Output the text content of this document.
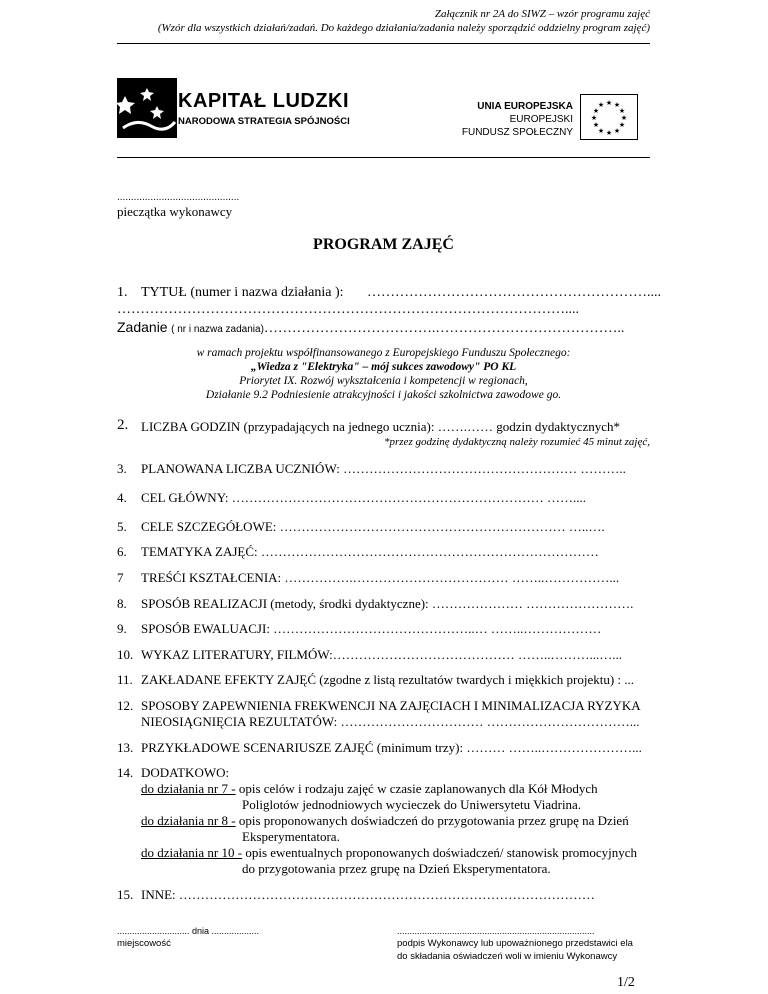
Załącznik nr 2A do SIWZ – wzór programu zajęć
(Wzór dla wszystkich działań/zadań. Do każdego działania/zadania należy sporządzić oddzielny program zajęć)
KAPITAŁ LUDZKI
NARODOWA STRATEGIA SPÓJNOŚCI
UNIA EUROPEJSKA
EUROPEJSKI
FUNDUSZ SPOŁECZNY
★ ★
★
★
★
★
★
★
★
★
★
★
............................................
pieczątka wykonawcy
PROGRAM ZAJĘĆ
1. TYTUŁ (numer i nazwa działania ): ……………………………………………………....
……………………………………………………………………………………....
Zadanie ( nr i nazwa zadania)……………………………….…………………………………..
w ramach projektu współfinansowanego z Europejskiego Funduszu Społecznego:
„Wiedza z "Elektryka" – mój sukces zawodowy" PO KL
Priorytet IX. Rozwój wykształcenia i kompetencji w regionach,
Działanie 9.2 Podniesienie atrakcyjności i jakości szkolnictwa zawodowe go.
2. LICZBA GODZIN (przypadających na jednego ucznia): …….…… godzin dydaktycznych*
*przez godzinę dydaktyczną należy rozumieć 45 minut zajęć,
3. PLANOWANA LICZBA UCZNIÓW: ……………………………………………… ………..
4. CEL GŁÓWNY: ……………………………………………………………… ……....
5. CELE SZCZEGÓŁOWE: ………………………………………………………… …..….
6. TEMATYKA ZAJĘĆ: ……………………………………………………………………
7 TREŚĆI KSZTAŁCENIA: …………….……………………………… ……..……………...
8. SPOSÓB REALIZACJI (metody, środki dydaktyczne): ………………… …………………….
9. SPOSÓB EWALUACJI: ………………………………………..… ……..………………
10. WYKAZ LITERATURY, FILMÓW:…………………………………… ……..………...…...
11. ZAKŁADANE EFEKTY ZAJĘĆ (zgodne z listą rezultatów twardych i miękkich projektu) : ...
12. SPOSOBY ZAPEWNIENIA FREKWENCJI NA ZAJĘCIACH I MINIMALIZACJA RYZYKA
NIEOSIĄGNIĘCIA REZULTATÓW: …………………………… ……………………………...
13. PRZYKŁADOWE SCENARIUSZE ZAJĘĆ (minimum trzy): ……… ……..…………………...
14. DODATKOWO:
do działania nr 7 - opis celów i rodzaju zajęć w czasie zaplanowanych dla Kół Młodych
Poliglotów jednodniowych wycieczek do Uniwersytetu Viadrina.
do działania nr 8 - opis proponowanych doświadczeń do przygotowania przez grupę na Dzień
Eksperymentatora.
do działania nr 10 - opis ewentualnych proponowanych doświadczeń/ stanowisk promocyjnych
do przygotowania przez grupę na Dzień Eksperymentatora.
15. INNE: ……………………………………………………………………………………
............................. dnia ...................
miejscowość
...............................................................................
podpis Wykonawcy lub upoważnionego przedstawici ela
do składania oświadczeń woli w imieniu Wykonawcy
1/2
